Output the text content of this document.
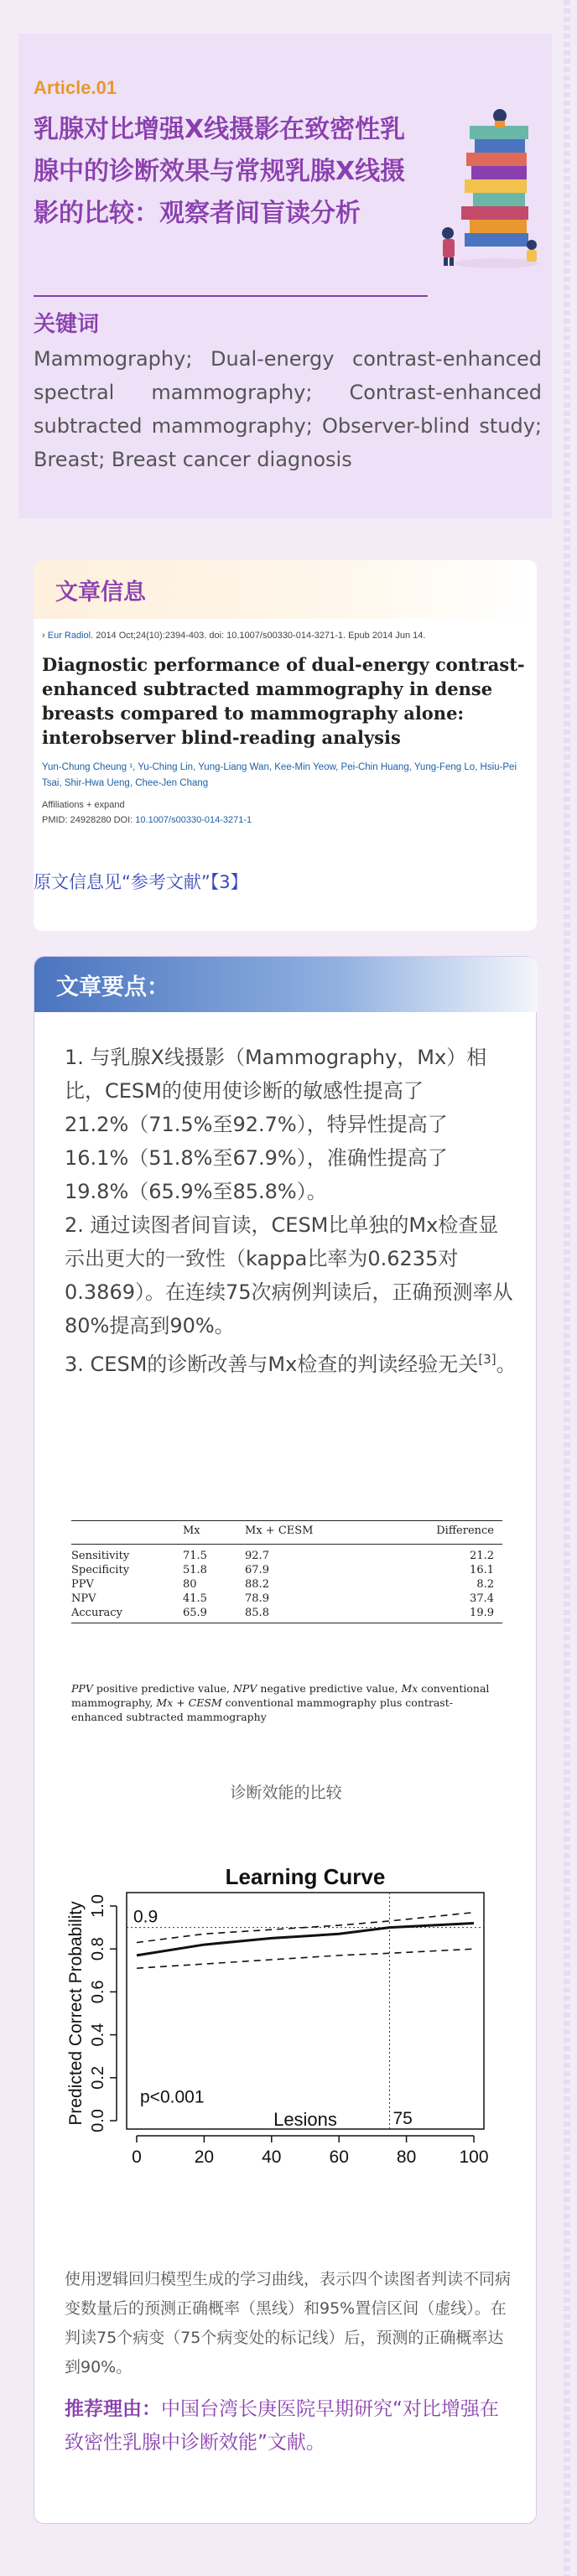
Article.01
乳腺对比增强X线摄影在致密性乳腺中的诊断效果与常规乳腺X线摄影的比较：观察者间盲读分析
关键词
Mammography; Dual-energy contrast-enhanced spectral mammography; Contrast-enhanced subtracted mammography; Observer-blind study; Breast; Breast cancer diagnosis
文章信息
› Eur Radiol. 2014 Oct;24(10):2394-403. doi: 10.1007/s00330-014-3271-1. Epub 2014 Jun 14.
Diagnostic performance of dual-energy contrast-enhanced subtracted mammography in dense breasts compared to mammography alone: interobserver blind-reading analysis
Yun-Chung Cheung ¹, Yu-Ching Lin, Yung-Liang Wan, Kee-Min Yeow, Pei-Chin Huang, Yung-Feng Lo, Hsiu-Pei Tsai, Shir-Hwa Ueng, Chee-Jen Chang
Affiliations + expand
PMID: 24928280 DOI: 10.1007/s00330-014-3271-1
原文信息见“参考文献”【3】
文章要点：

1. 与乳腺X线摄影（Mammography，Mx）相比，CESM的使用使诊断的敏感性提高了21.2%（71.5%至92.7%），特异性提高了16.1%（51.8%至67.9%），准确性提高了19.8%（65.9%至85.8%）。

2. 通过读图者间盲读，CESM比单独的Mx检查显示出更大的一致性（kappa比率为0.6235对0.3869）。在连续75次病例判读后，正确预测率从80%提高到90%。

3. CESM的诊断改善与Mx检查的判读经验无关[3]。

	Mx	Mx + CESM	Difference
Sensitivity	71.5	92.7	21.2
Specificity	51.8	67.9	16.1
PPV	80	88.2	8.2
NPV	41.5	78.9	37.4
Accuracy	65.9	85.8	19.9
PPV positive predictive value, NPV negative predictive value, Mx conventional mammography, Mx + CESM conventional mammography plus contrast-enhanced subtracted mammography
诊断效能的比较
Learning Curve
0	20	40	60	80 100
Lesions
0.0
0.2
0.4
0.6
0.8
1.0
Predicted Correct Probability	0.9
75
p<0.001
使用逻辑回归模型生成的学习曲线，表示四个读图者判读不同病变数量后的预测正确概率（黑线）和95%置信区间（虚线）。在判读75个病变（75个病变处的标记线）后，预测的正确概率达到90%。
推荐理由：中国台湾长庚医院早期研究“对比增强在致密性乳腺中诊断效能”文献。
